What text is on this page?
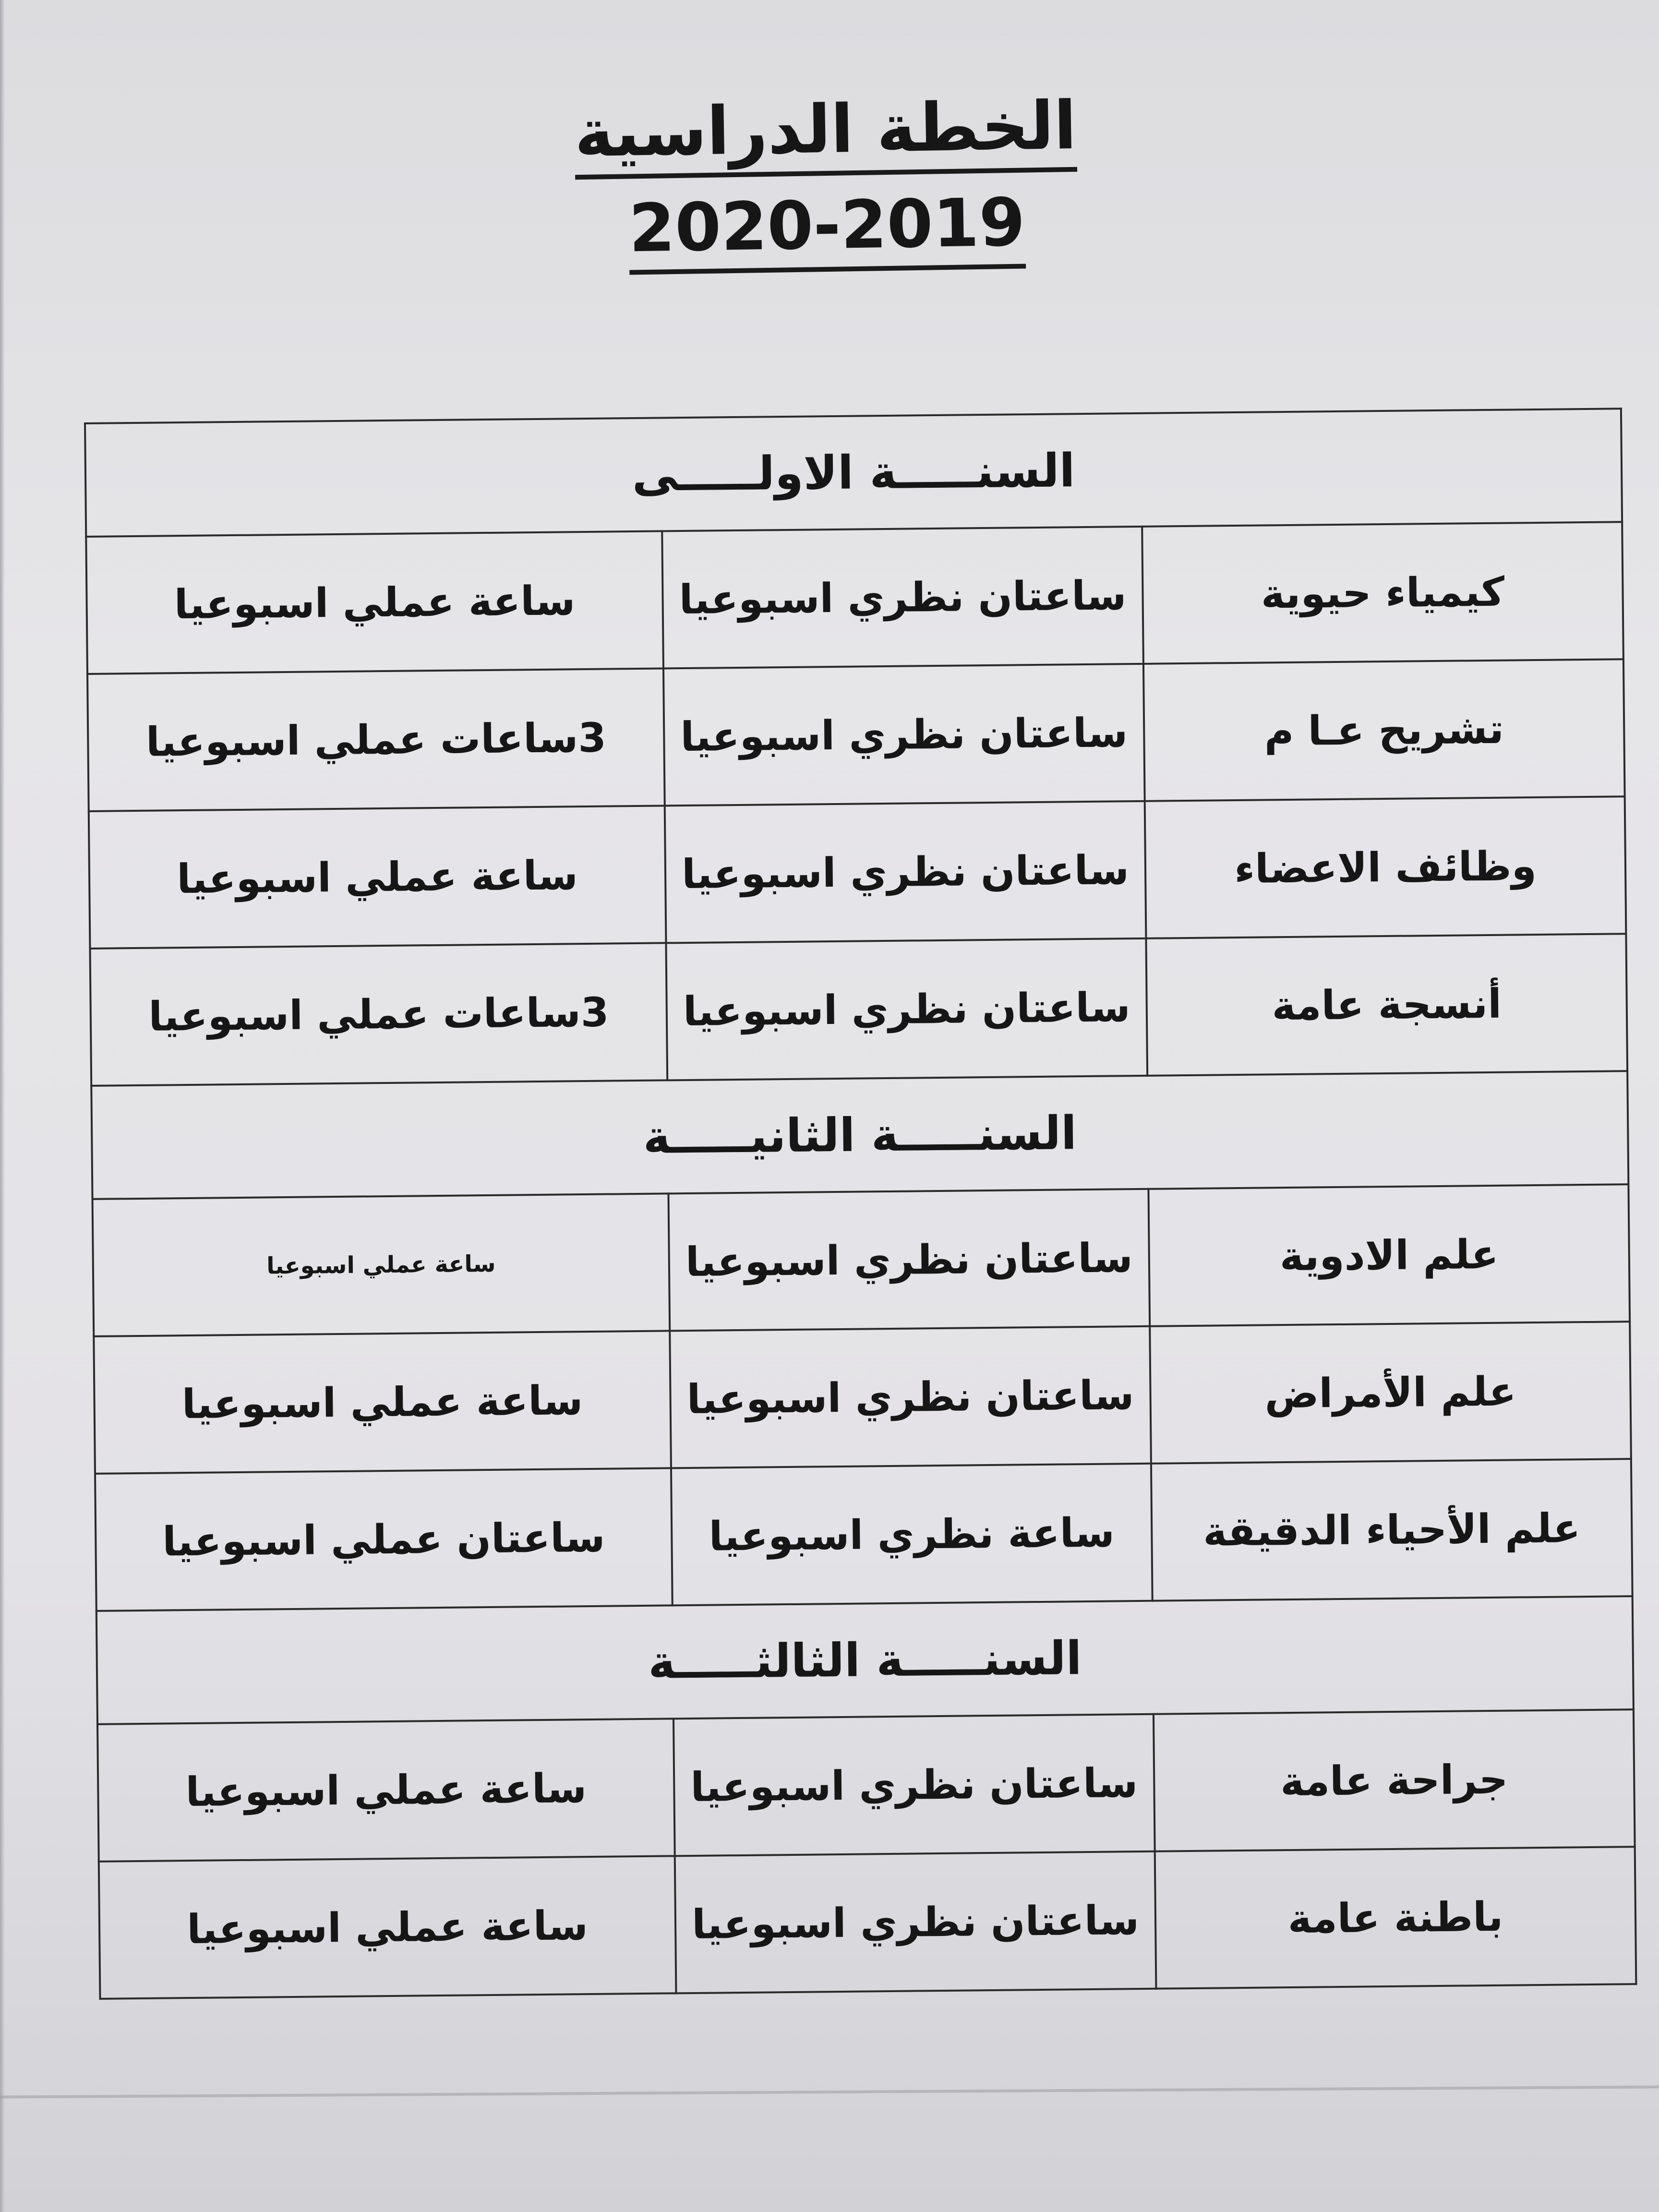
الخطة الدراسية 2019-2020
السنـــــة الاولـــــى		
كيمياء حيوية	ساعتان نظري اسبوعيا	ساعة عملي اسبوعيا
تشريح عـا م	ساعتان نظري اسبوعيا	3ساعات عملي اسبوعيا
وظائف الاعضاء	ساعتان نظري اسبوعيا	ساعة عملي اسبوعيا
أنسجة عامة	ساعتان نظري اسبوعيا	3ساعات عملي اسبوعيا
السنـــــة الثانيـــــة		
علم الادوية	ساعتان نظري اسبوعيا	ساعة عملي اسبوعيا
علم الأمراض	ساعتان نظري اسبوعيا	ساعة عملي اسبوعيا
علم الأحياء الدقيقة	ساعة نظري اسبوعيا	ساعتان عملي اسبوعيا
السنـــــة الثالثـــــة		
جراحة عامة	ساعتان نظري اسبوعيا	ساعة عملي اسبوعيا
باطنة عامة	ساعتان نظري اسبوعيا	ساعة عملي اسبوعيا
